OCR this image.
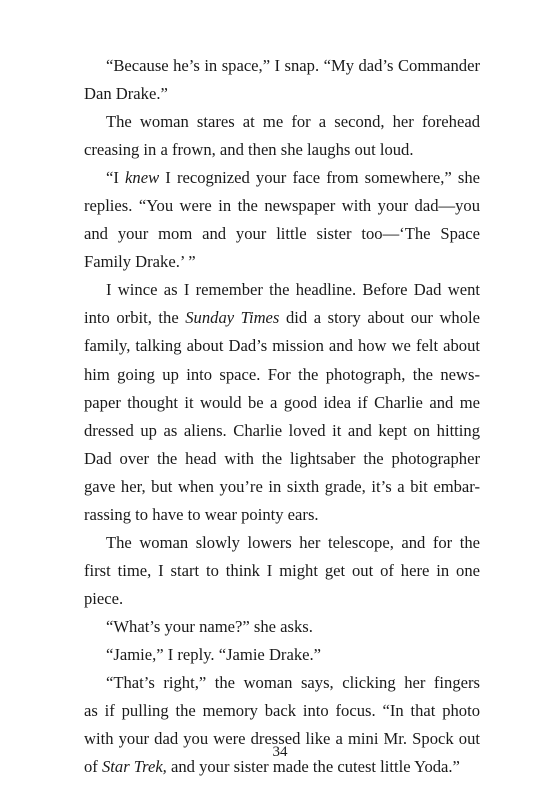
“Because he’s in space,” I snap. “My dad’s Commander
Dan Drake.”

The woman stares at me for a second, her forehead
creasing in a frown, and then she laughs out loud.

“I knew I recognized your face from somewhere,” she
replies. “You were in the newspaper with your dad—you
and your mom and your little sister too—‘The Space
Family Drake.’ ”

I wince as I remember the headline. Before Dad went
into orbit, the Sunday Times did a story about our whole
family, talking about Dad’s mission and how we felt about
him going up into space. For the photograph, the news-
paper thought it would be a good idea if Charlie and me
dressed up as aliens. Charlie loved it and kept on hitting
Dad over the head with the lightsaber the photographer
gave her, but when you’re in sixth grade, it’s a bit embar-
rassing to have to wear pointy ears.

The woman slowly lowers her telescope, and for the
first time, I start to think I might get out of here in one
piece.

“What’s your name?” she asks.

“Jamie,” I reply. “Jamie Drake.”

“That’s right,” the woman says, clicking her fingers
as if pulling the memory back into focus. “In that photo
with your dad you were dressed like a mini Mr. Spock out
of Star Trek, and your sister made the cutest little Yoda.”

34
